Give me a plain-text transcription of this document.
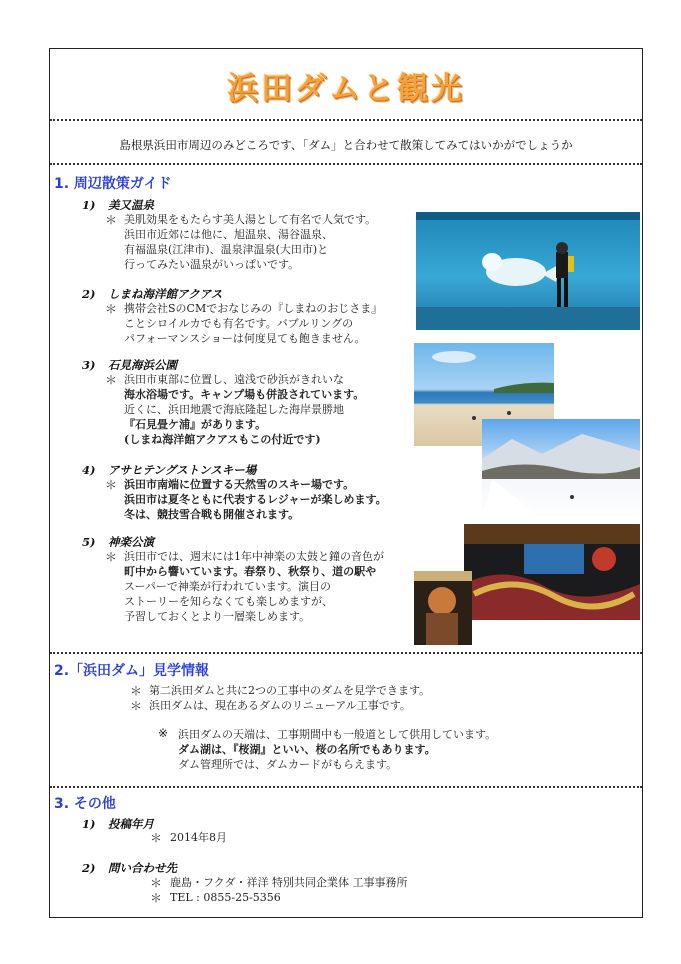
浜田ダムと観光
島根県浜田市周辺のみどころです、「ダム」と合わせて散策してみてはいかがでしょうか
1. 周辺散策ガイド
1) 美又温泉
＊ 美肌効果をもたらす美人湯として有名で人気です。
浜田市近郊には他に、旭温泉、湯谷温泉、
有福温泉(江津市)、温泉津温泉(大田市)と
行ってみたい温泉がいっぱいです。
2) しまね海洋館アクアス
＊ 携帯会社SのCMでおなじみの『しまねのおじさま』
ことシロイルカでも有名です。バブルリングの
パフォーマンスショーは何度見ても飽きません。
3) 石見海浜公園
＊ 浜田市東部に位置し、遠浅で砂浜がきれいな
海水浴場です。キャンプ場も併設されています。
近くに、浜田地震で海底隆起した海岸景勝地
『石見畳ケ浦』があります。
(しまね海洋館アクアスもこの付近です)
4) アサヒテングストンスキー場
＊ 浜田市南端に位置する天然雪のスキー場です。
浜田市は夏冬ともに代表するレジャーが楽しめます。
冬は、競技雪合戦も開催されます。
5) 神楽公演
＊ 浜田市では、週末には1年中神楽の太鼓と鐘の音色が
町中から響いています。春祭り、秋祭り、道の駅や
スーパーで神楽が行われています。演目の
ストーリーを知らなくても楽しめますが、
予習しておくとより一層楽しめます。
2.「浜田ダム」見学情報
＊ 第二浜田ダムと共に2つの工事中のダムを見学できます。
＊ 浜田ダムは、現在あるダムのリニューアル工事です。
※ 浜田ダムの天端は、工事期間中も一般道として供用しています。
ダム湖は、『桜湖』といい、桜の名所でもあります。
ダム管理所では、ダムカードがもらえます。
3. その他
1) 投稿年月
＊ 2014年8月
2) 問い合わせ先
＊ 鹿島・フクダ・祥洋 特別共同企業体 工事事務所
＊ TEL : 0855-25-5356
